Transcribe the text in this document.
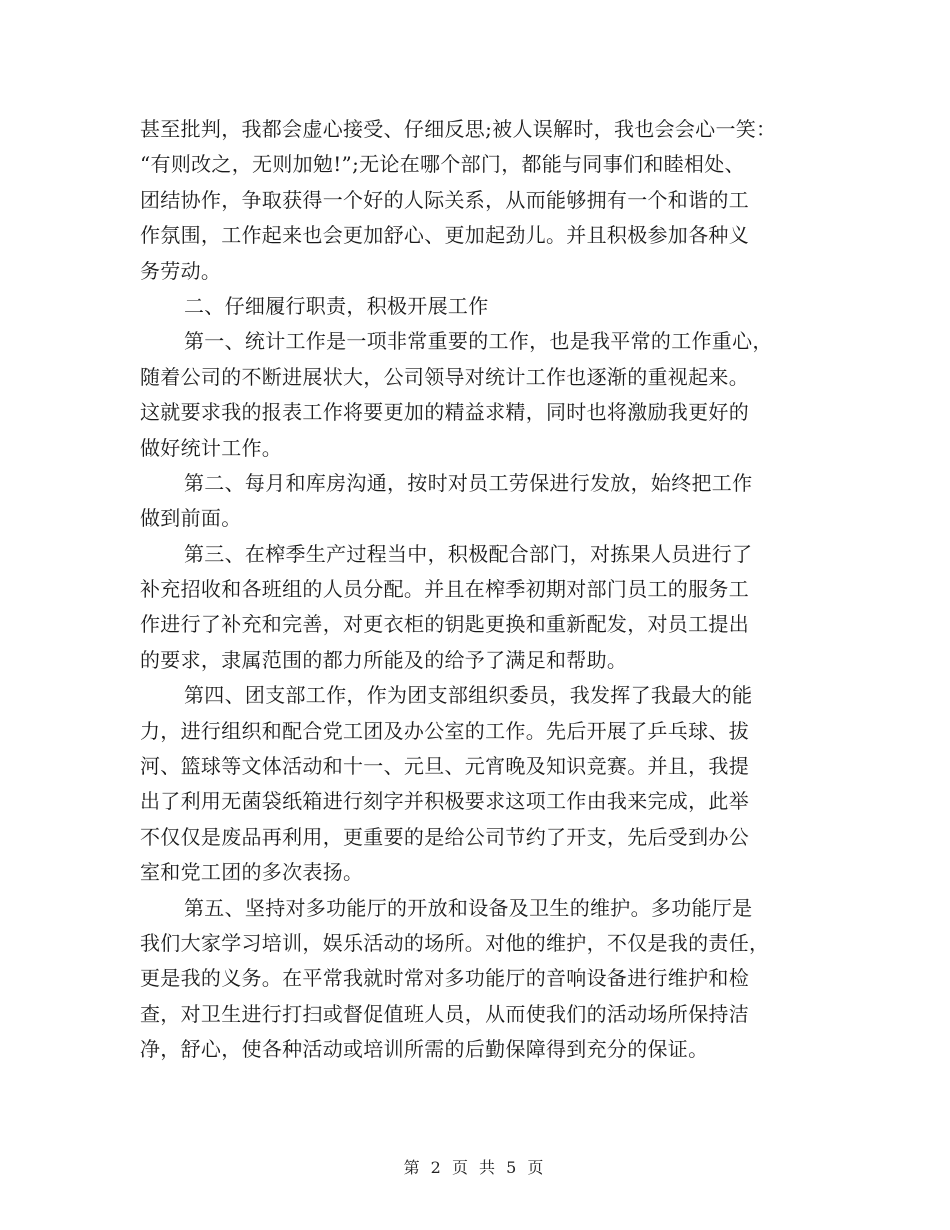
甚至批判，我都会虚心接受、仔细反思;被人误解时，我也会会心一笑：
“有则改之，无则加勉!”;无论在哪个部门，都能与同事们和睦相处、
团结协作，争取获得一个好的人际关系，从而能够拥有一个和谐的工
作氛围，工作起来也会更加舒心、更加起劲儿。并且积极参加各种义
务劳动。
二、仔细履行职责，积极开展工作
第一、统计工作是一项非常重要的工作，也是我平常的工作重心，
随着公司的不断进展状大，公司领导对统计工作也逐渐的重视起来。
这就要求我的报表工作将要更加的精益求精，同时也将激励我更好的
做好统计工作。
第二、每月和库房沟通，按时对员工劳保进行发放，始终把工作
做到前面。
第三、在榨季生产过程当中，积极配合部门，对拣果人员进行了
补充招收和各班组的人员分配。并且在榨季初期对部门员工的服务工
作进行了补充和完善，对更衣柜的钥匙更换和重新配发，对员工提出
的要求，隶属范围的都力所能及的给予了满足和帮助。
第四、团支部工作，作为团支部组织委员，我发挥了我最大的能
力，进行组织和配合党工团及办公室的工作。先后开展了乒乓球、拔
河、篮球等文体活动和十一、元旦、元宵晚及知识竞赛。并且，我提
出了利用无菌袋纸箱进行刻字并积极要求这项工作由我来完成，此举
不仅仅是废品再利用，更重要的是给公司节约了开支，先后受到办公
室和党工团的多次表扬。
第五、坚持对多功能厅的开放和设备及卫生的维护。多功能厅是
我们大家学习培训，娱乐活动的场所。对他的维护，不仅是我的责任，
更是我的义务。在平常我就时常对多功能厅的音响设备进行维护和检
查，对卫生进行打扫或督促值班人员，从而使我们的活动场所保持洁
净，舒心，使各种活动或培训所需的后勤保障得到充分的保证。
第 2 页 共 5 页
